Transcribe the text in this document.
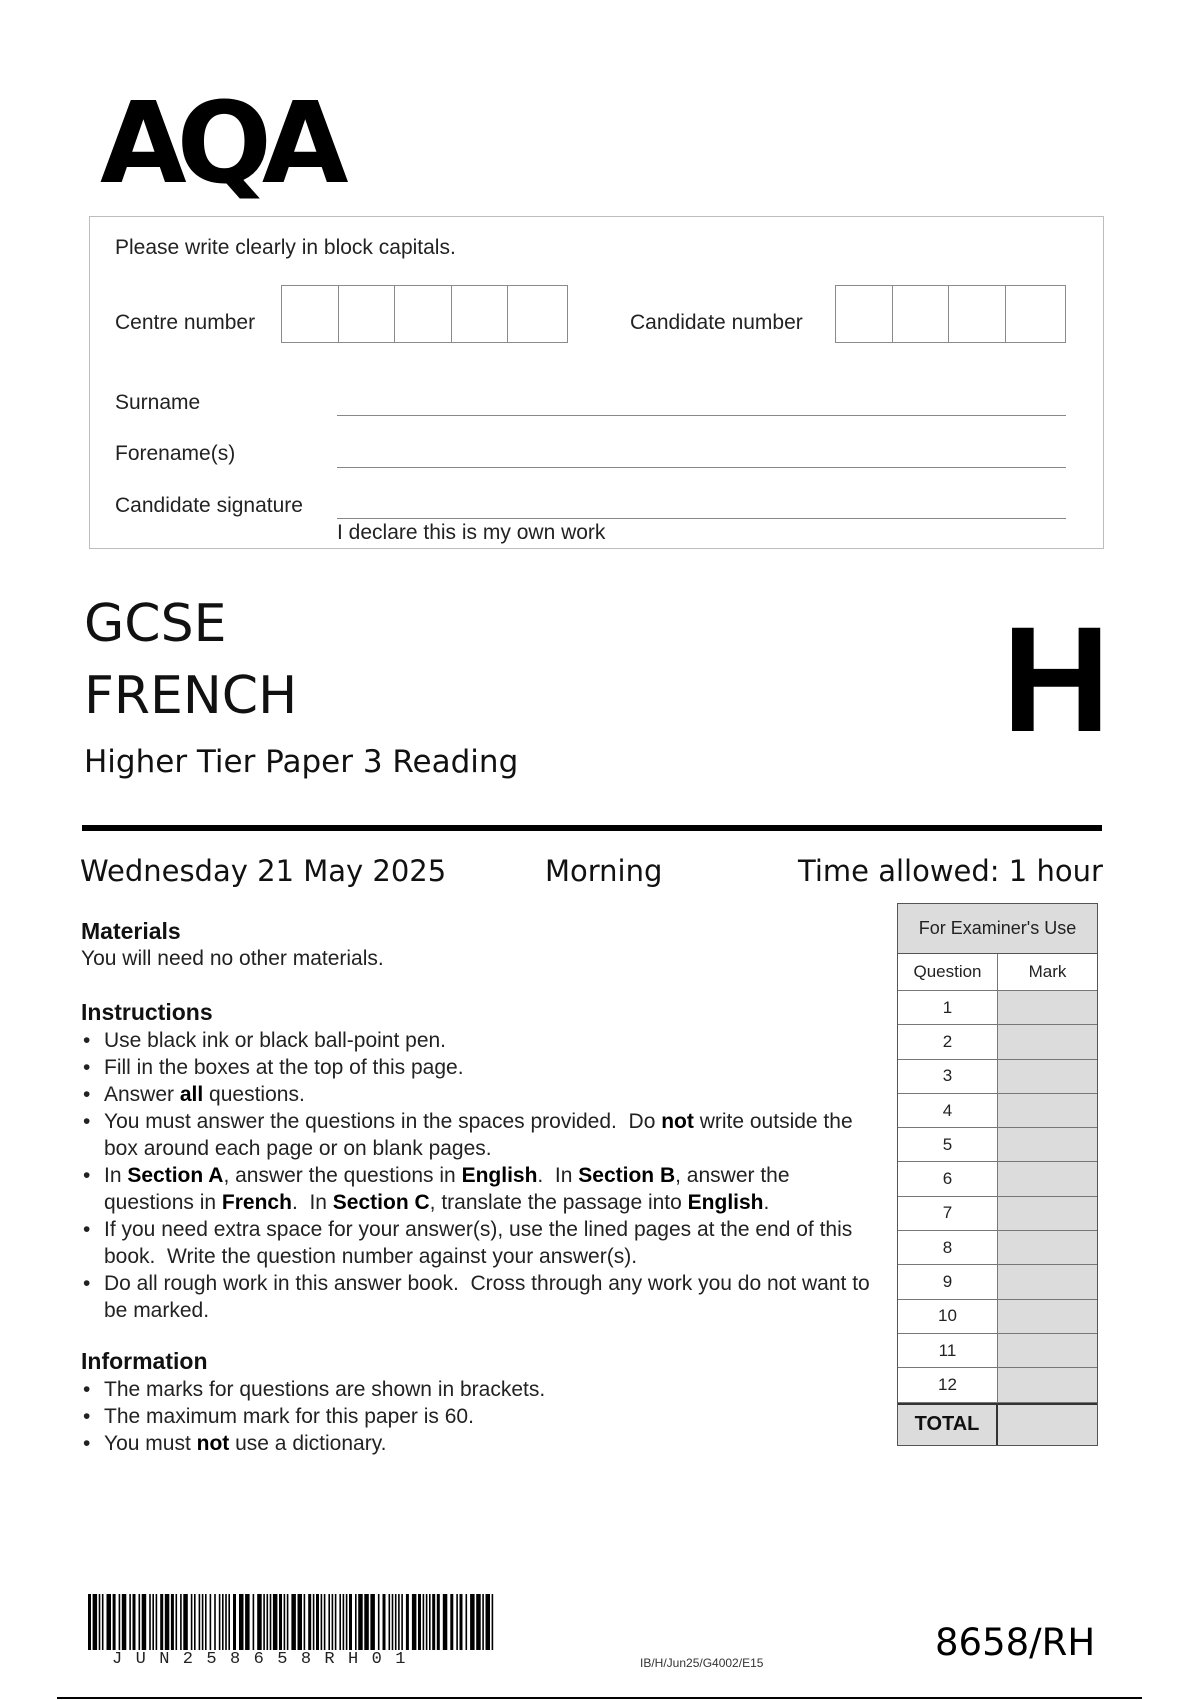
AQA
Please write clearly in block capitals.
Centre number	Candidate number
Surname
Forename(s)
Candidate signature
I declare this is my own work
GCSE
FRENCH
Higher Tier Paper 3 Reading	H
Wednesday 21 May 2025	Morning	Time allowed: 1 hour
Materials
You will need no other materials.
Instructions
• Use black ink or black ball-point pen.
• Fill in the boxes at the top of this page.
• Answer all questions.
• You must answer the questions in the spaces provided.  Do not write outside the box around each page or on blank pages.
• In Section A, answer the questions in English.  In Section B, answer the questions in French.  In Section C, translate the passage into English.
• If you need extra space for your answer(s), use the lined pages at the end of this book.  Write the question number against your answer(s).
• Do all rough work in this answer book.  Cross through any work you do not want to be marked.
Information
• The marks for questions are shown in brackets.
• The maximum mark for this paper is 60.
• You must not use a dictionary.
For Examiner's Use
Question	Mark
1
2
3
4
5
6
7
8
9
10
11
12
TOTAL
JUN258658RH01	IB/H/Jun25/G4002/E15	8658/RH
